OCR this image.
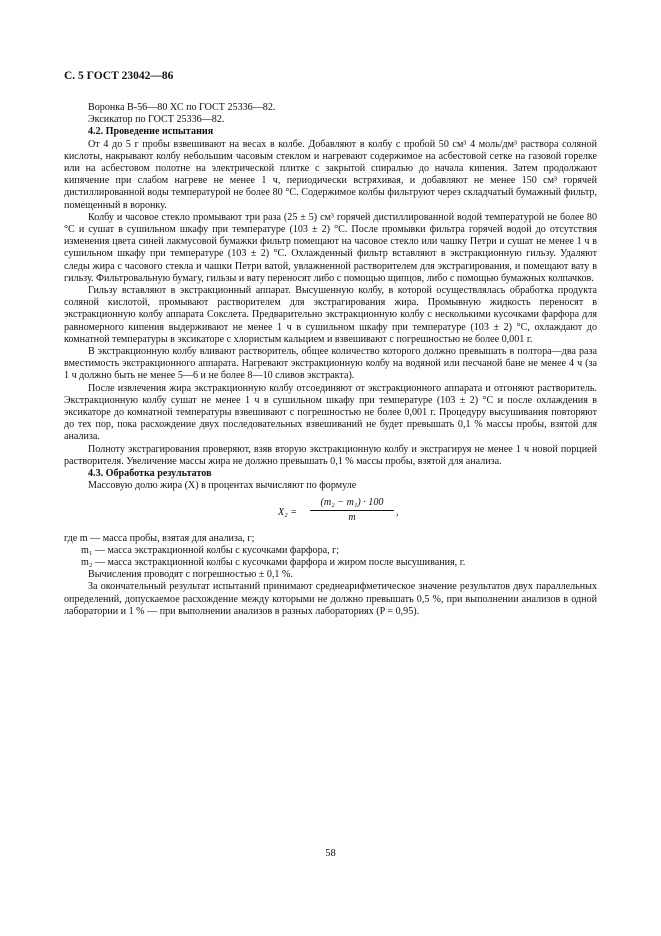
С. 5 ГОСТ 23042—86

Воронка В-56—80 ХС по ГОСТ 25336—82.

Эксикатор по ГОСТ 25336—82.

4.2. Проведение испытания

От 4 до 5 г пробы взвешивают на весах в колбе. Добавляют в колбу с пробой 50 см³ 4 моль/дм³ раствора соляной кислоты, накрывают колбу небольшим часовым стеклом и нагревают содержимое на асбестовой сетке на газовой горелке или на асбестовом полотне на электрической плитке с закрытой спиралью до начала кипения. Затем продолжают кипячение при слабом нагреве не менее 1 ч, периодически встряхивая, и добавляют не менее 150 см³ горячей дистиллированной воды температурой не более 80 °С. Содержимое колбы фильтруют через складчатый бумажный фильтр, помещенный в воронку.

Колбу и часовое стекло промывают три раза (25 ± 5) см³ горячей дистиллированной водой температурой не более 80 °С и сушат в сушильном шкафу при температуре (103 ± 2) °С. После промывки фильтра горячей водой до отсутствия изменения цвета синей лакмусовой бумажки фильтр помещают на часовое стекло или чашку Петри и сушат не менее 1 ч в сушильном шкафу при температуре (103 ± 2) °С. Охлажденный фильтр вставляют в экстракционную гильзу. Удаляют следы жира с часового стекла и чашки Петри ватой, увлажненной растворителем для экстрагирования, и помещают вату в гильзу. Фильтровальную бумагу, гильзы и вату переносят либо с помощью щипцов, либо с помощью бумажных колпачков.

Гильзу вставляют в экстракционный аппарат. Высушенную колбу, в которой осуществлялась обработка продукта соляной кислотой, промывают растворителем для экстрагирования жира. Промывную жидкость переносят в экстракционную колбу аппарата Сокслета. Предварительно экстракционную колбу с несколькими кусочками фарфора для равномерного кипения выдерживают не менее 1 ч в сушильном шкафу при температуре (103 ± 2) °С, охлаждают до комнатной температуры в эксикаторе с хлористым кальцием и взвешивают с погрешностью не более 0,001 г.

В экстракционную колбу вливают растворитель, общее количество которого должно превышать в полтора—два раза вместимость экстракционного аппарата. Нагревают экстракционную колбу на водяной или песчаной бане не менее 4 ч (за 1 ч должно быть не менее 5—6 и не более 8—10 сливов экстракта).

После извлечения жира экстракционную колбу отсоединяют от экстракционного аппарата и отгоняют растворитель. Экстракционную колбу сушат не менее 1 ч в сушильном шкафу при температуре (103 ± 2) °С и после охлаждения в эксикаторе до комнатной температуры взвешивают с погрешностью не более 0,001 г. Процедуру высушивания повторяют до тех пор, пока расхождение двух последовательных взвешиваний не будет превышать 0,1 % массы пробы, взятой для анализа.

Полноту экстрагирования проверяют, взяв вторую экстракционную колбу и экстрагируя не менее 1 ч новой порцией растворителя. Увеличение массы жира не должно превышать 0,1 % массы пробы, взятой для анализа.

4.3. Обработка результатов

Массовую долю жира (X) в процентах вычисляют по формуле

$X_2 = \frac{\text{(m₂ − m₁) · 100}}{m}$ ,
где m — масса пробы, взятая для анализа, г;
m₁ — масса экстракционной колбы с кусочками фарфора, г;
m₂ — масса экстракционной колбы с кусочками фарфора и жиром после высушивания, г.

Вычисления проводят с погрешностью ± 0,1 %.

За окончательный результат испытаний принимают среднеарифметическое значение результатов двух параллельных определений, допускаемое расхождение между которыми не должно превышать 0,5 %, при выполнении анализов в одной лаборатории и 1 % — при выполнении анализов в разных лабораториях (P = 0,95).

58
